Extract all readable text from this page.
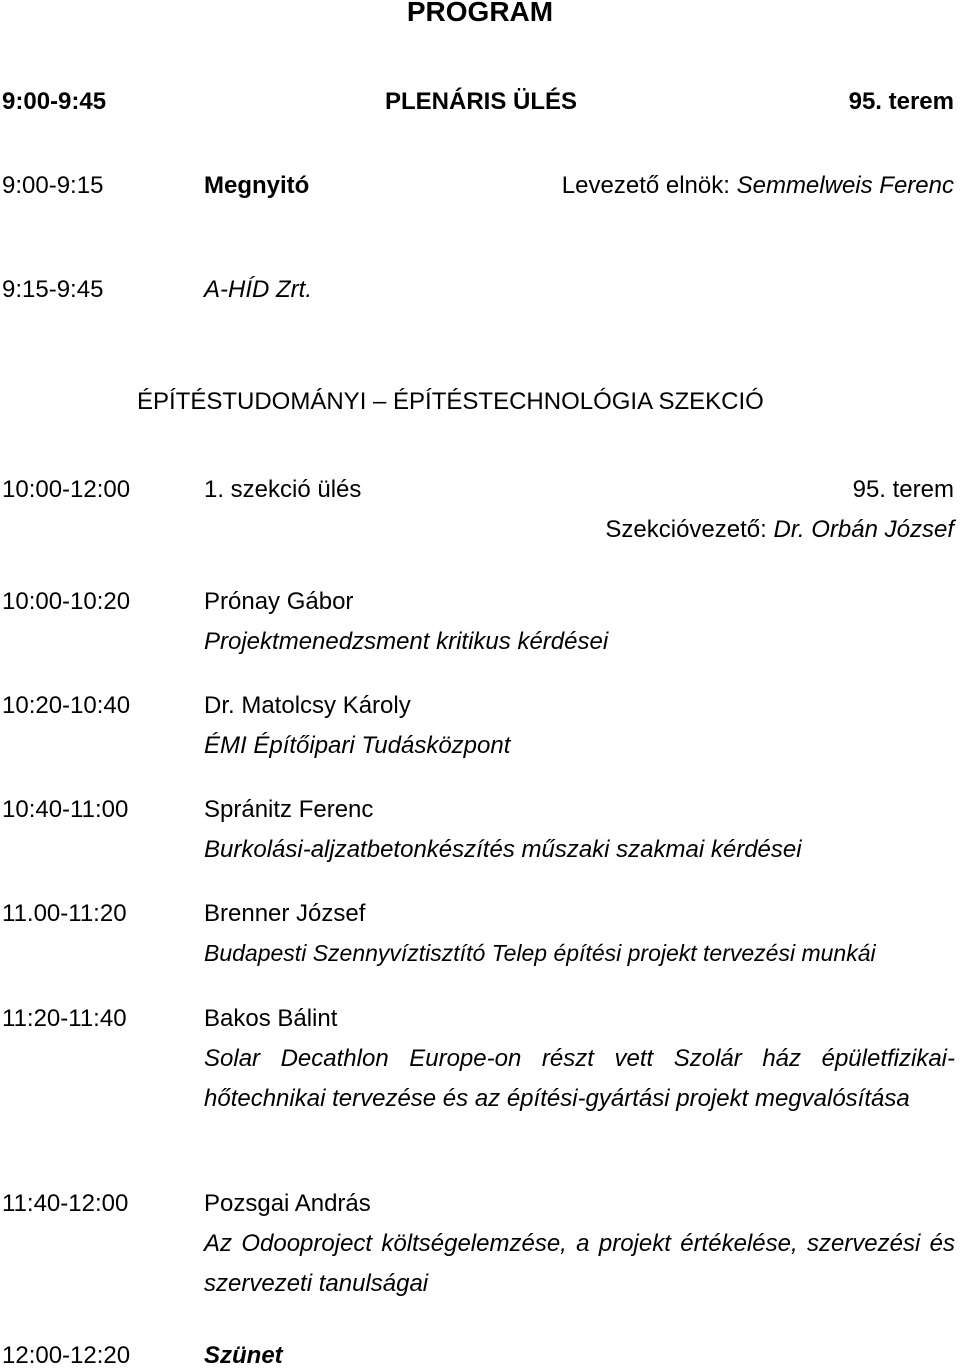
PROGRAM
9:00-9:45	PLENÁRIS ÜLÉS	95. terem
9:00-9:15	Megnyitó	Levezető elnök: Semmelweis Ferenc
9:15-9:45	A-HÍD Zrt.
ÉPÍTÉSTUDOMÁNYI – ÉPÍTÉSTECHNOLÓGIA SZEKCIÓ
10:00-12:00	1. szekció ülés	95. terem
Szekcióvezető: Dr. Orbán József
10:00-10:20	Prónay Gábor
Projektmenedzsment kritikus kérdései
10:20-10:40	Dr. Matolcsy Károly
ÉMI Építőipari Tudásközpont
10:40-11:00	Spránitz Ferenc
Burkolási-aljzatbetonkészítés műszaki szakmai kérdései
11.00-11:20	Brenner József
Budapesti Szennyvíztisztító Telep építési projekt tervezési munkái
11:20-11:40	Bakos Bálint
Solar Decathlon Europe-on részt vett Szolár ház épületfizikai-hőtechnikai tervezése és az építési-gyártási projekt megvalósítása
11:40-12:00	Pozsgai András
Az Odooproject költségelemzése, a projekt értékelése, szervezési és szervezeti tanulságai
12:00-12:20	Szünet
